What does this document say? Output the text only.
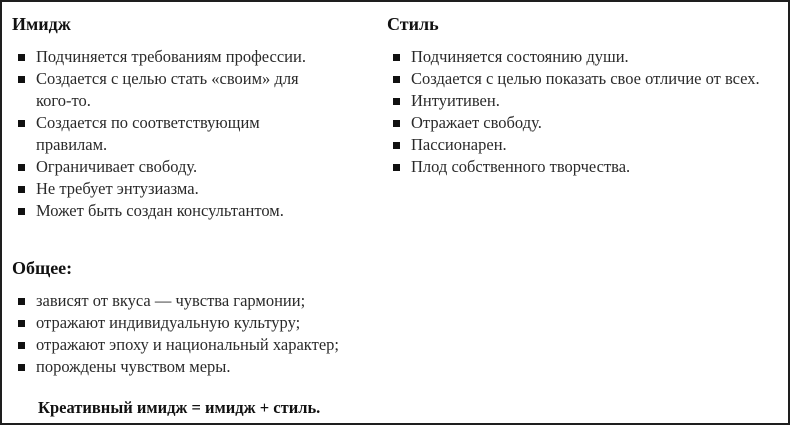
Имидж
Подчиняется требованиям профессии.
Создается с целью стать «своим» для кого-то.
Создается по соответствующим правилам.
Ограничивает свободу.
Не требует энтузиазма.
Может быть создан консультантом.
Стиль
Подчиняется состоянию души.
Создается с целью показать свое отличие от всех.
Интуитивен.
Отражает свободу.
Пассионарен.
Плод собственного творчества.
Общее:
зависят от вкуса — чувства гармонии;
отражают индивидуальную культуру;
отражают эпоху и национальный характер;
порождены чувством меры.
Креативный имидж = имидж + стиль.
